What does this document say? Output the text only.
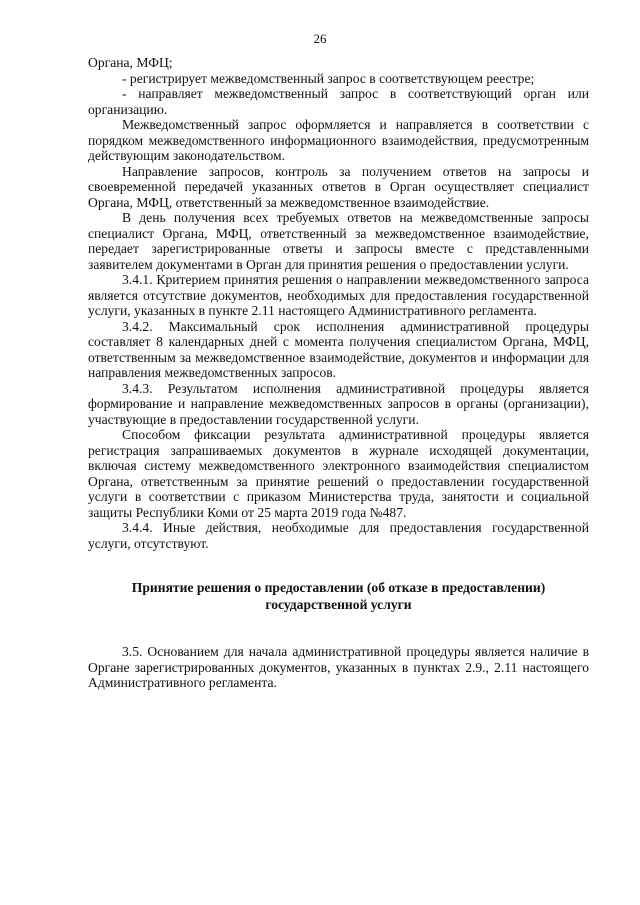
26

Органа, МФЦ;

- регистрирует межведомственный запрос в соответствующем реестре;

- направляет межведомственный запрос в соответствующий орган или организацию.

Межведомственный запрос оформляется и направляется в соответствии с порядком межведомственного информационного взаимодействия, предусмотренным действующим законодательством.

Направление запросов, контроль за получением ответов на запросы и своевременной передачей указанных ответов в Орган осуществляет специалист Органа, МФЦ, ответственный за межведомственное взаимодействие.

В день получения всех требуемых ответов на межведомственные запросы специалист Органа, МФЦ, ответственный за межведомственное взаимодействие, передает зарегистрированные ответы и запросы вместе с представленными заявителем документами в Орган для принятия решения о предоставлении услуги.

3.4.1. Критерием принятия решения о направлении межведомственного запроса является отсутствие документов, необходимых для предоставления государственной услуги, указанных в пункте 2.11 настоящего Административного регламента.

3.4.2. Максимальный срок исполнения административной процедуры составляет 8 календарных дней с момента получения специалистом Органа, МФЦ, ответственным за межведомственное взаимодействие, документов и информации для направления межведомственных запросов.

3.4.3. Результатом исполнения административной процедуры является формирование и направление межведомственных запросов в органы (организации), участвующие в предоставлении государственной услуги.

Способом фиксации результата административной процедуры является регистрация запрашиваемых документов в журнале исходящей документации, включая систему межведомственного электронного взаимодействия специалистом Органа, ответственным за принятие решений о предоставлении государственной услуги в соответствии с приказом Министерства труда, занятости и социальной защиты Республики Коми от 25 марта 2019 года №487.

3.4.4. Иные действия, необходимые для предоставления государственной услуги, отсутствуют.

Принятие решения о предоставлении (об отказе в предоставлении)
государственной услуги

3.5. Основанием для начала административной процедуры является наличие в Органе зарегистрированных документов, указанных в пунктах 2.9., 2.11 настоящего Административного регламента.
